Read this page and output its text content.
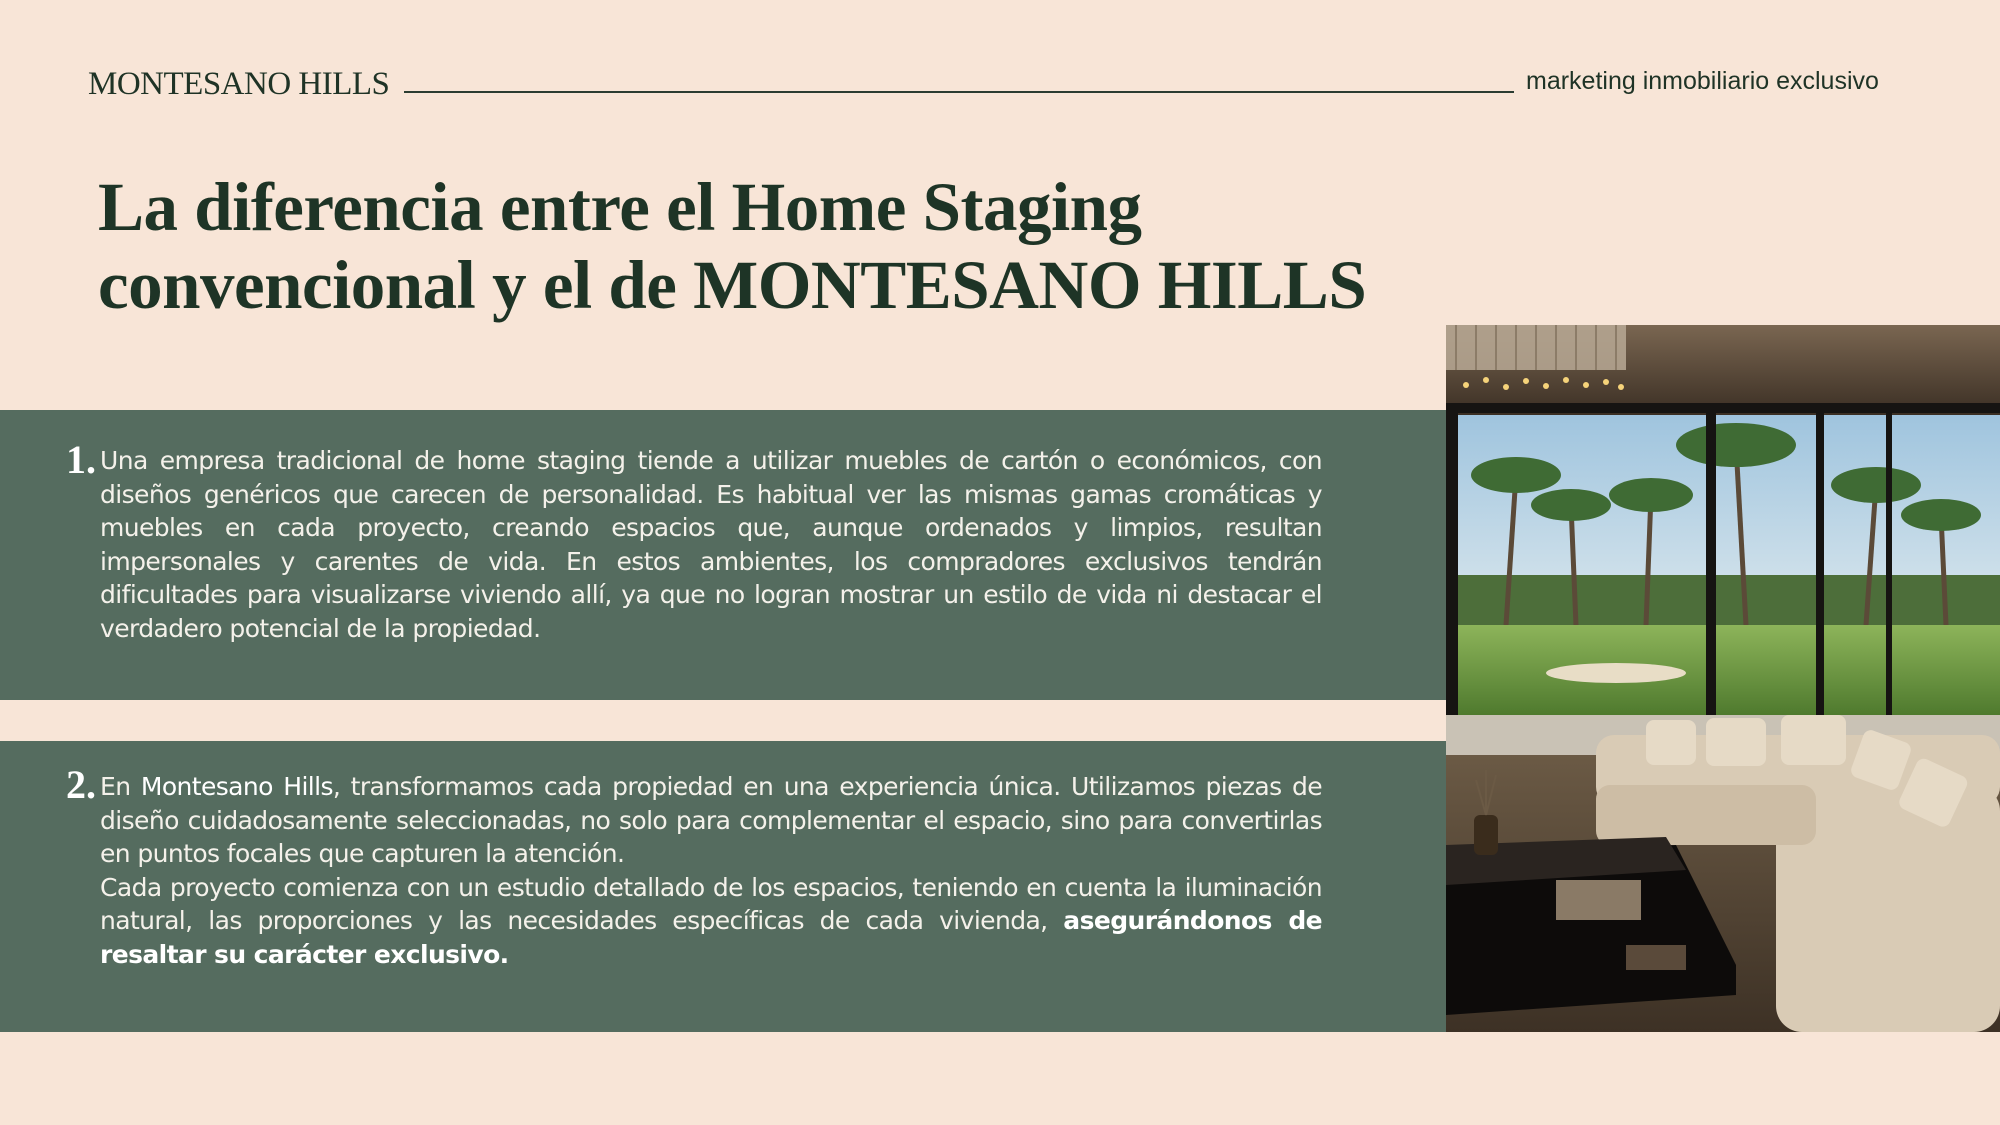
MONTESANO HILLS	marketing inmobiliario exclusivo
La diferencia entre el Home Staging
convencional y el de MONTESANO HILLS
1. Una empresa tradicional de home staging tiende a utilizar muebles de cartón o económicos, con diseños genéricos que carecen de personalidad. Es habitual ver las mismas gamas cromáticas y muebles en cada proyecto, creando espacios que, aunque ordenados y limpios, resultan impersonales y carentes de vida. En estos ambientes, los compradores exclusivos tendrán dificultades para visualizarse viviendo allí, ya que no logran mostrar un estilo de vida ni destacar el verdadero potencial de la propiedad.

2. En Montesano Hills, transformamos cada propiedad en una experiencia única. Utilizamos piezas de diseño cuidadosamente seleccionadas, no solo para complementar el espacio, sino para convertirlas en puntos focales que capturen la atención.

Cada proyecto comienza con un estudio detallado de los espacios, teniendo en cuenta la iluminación natural, las proporciones y las necesidades específicas de cada vivienda, asegurándonos de resaltar su carácter exclusivo.
